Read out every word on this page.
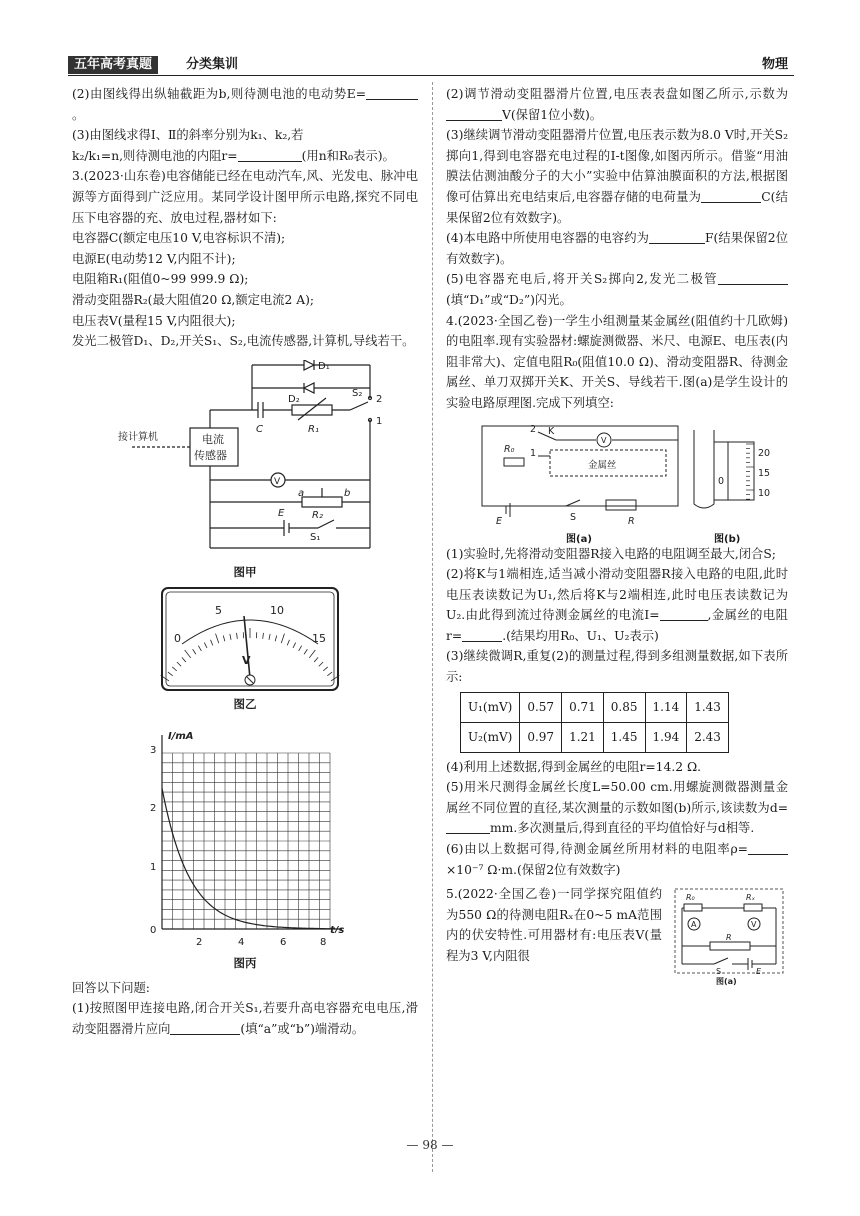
五年高考真题	分类集训	物理

(2)由图线得出纵轴截距为b,则待测电池的电动势E=。

(3)由图线求得Ⅰ、Ⅱ的斜率分别为k₁、k₂,若

k₂/k₁=n,则待测电池的内阻r=	(用n和R₀表示)。

3.(2023·山东卷)电容储能已经在电动汽车,风、光发电、脉冲电源等方面得到广泛应用。某同学设计图甲所示电路,探究不同电压下电容器的充、放电过程,器材如下:

电容器C(额定电压10 V,电容标识不清);

电源E(电动势12 V,内阻不计);

电阻箱R₁(阻值0~99 999.9 Ω);

滑动变阻器R₂(最大阻值20 Ω,额定电流2 A);

电压表V(量程15 V,内阻很大);

发光二极管D₁、D₂,开关S₁、S₂,电流传感器,计算机,导线若干。

接计算机	电流
传感器
C	R₁
D₁
D₂
S₂
2
1
V
a	b
R₂
E
S₁
图甲
0
5	10
15
V
图乙
I/mA
t/s
0
1
2
3
2	4	6	8
图丙

回答以下问题:

(1)按照图甲连接电路,闭合开关S₁,若要升高电容器充电电压,滑动变阻器滑片应向	(填“a”或“b”)端滑动。

(2)调节滑动变阻器滑片位置,电压表表盘如图乙所示,示数为V(保留1位小数)。

(3)继续调节滑动变阻器滑片位置,电压表示数为8.0 V时,开关S₂掷向1,得到电容器充电过程的I-t图像,如图丙所示。借鉴“用油膜法估测油酸分子的大小”实验中估算油膜面积的方法,根据图像可估算出充电结束后,电容器存储的电荷量为	C(结果保留2位有效数字)。

(4)本电路中所使用电容器的电容约为	F(结果保留2位有效数字)。

(5)电容器充电后,将开关S₂掷向2,发光二极管(填“D₁”或“D₂”)闪光。

4.(2023·全国乙卷)一学生小组测量某金属丝(阻值约十几欧姆)的电阻率.现有实验器材:螺旋测微器、米尺、电源E、电压表(内阻非常大)、定值电阻R₀(阻值10.0 Ω)、滑动变阻器R、待测金属丝、单刀双掷开关K、开关S、导线若干.图(a)是学生设计的实验电路原理图.完成下列填空:

2 K
1
V
R₀
金属丝
E	S	R
20
15
10
0
图(a)	图(b)

(1)实验时,先将滑动变阻器R接入电路的电阻调至最大,闭合S;

(2)将K与1端相连,适当减小滑动变阻器R接入电路的电阻,此时电压表读数记为U₁,然后将K与2端相连,此时电压表读数记为U₂.由此得到流过待测金属丝的电流I=	,金属丝的电阻r=	.(结果均用R₀、U₁、U₂表示)

(3)继续微调R,重复(2)的测量过程,得到多组测量数据,如下表所示:

U₁(mV)	0.57	0.71	0.85	1.14	1.43
U₂(mV)	0.97	1.21	1.45	1.94	2.43

(4)利用上述数据,得到金属丝的电阻r=14.2 Ω.

(5)用米尺测得金属丝长度L=50.00 cm.用螺旋测微器测量金属丝不同位置的直径,某次测量的示数如图(b)所示,该读数为d=mm.多次测量后,得到直径的平均值恰好与d相等.

(6)由以上数据可得,待测金属丝所用材料的电阻率ρ=×10⁻⁷ Ω·m.(保留2位有效数字)

5.(2022·全国乙卷)一同学探究阻值约为550 Ω的待测电阻Rₓ在0~5 mA范围内的伏安特性.可用器材有:电压表V(量程为3 V,内阻很

R₀	Rₓ
A	V
R
S	E
图(a)
— 98 —
